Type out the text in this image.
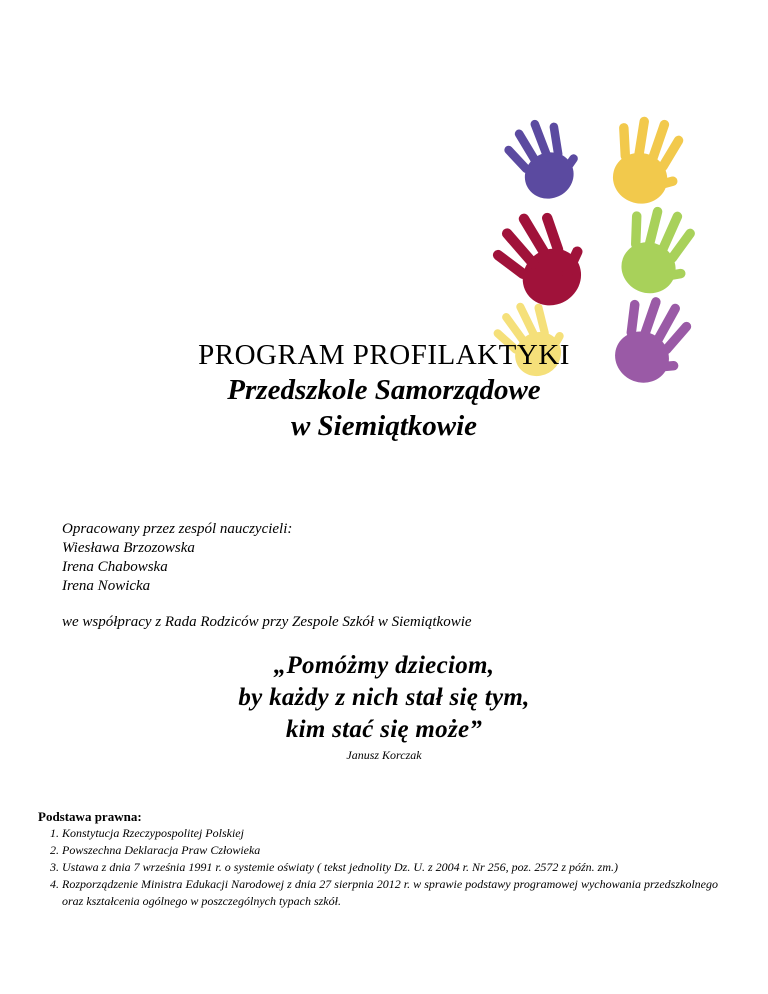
PROGRAM PROFILAKTYKI
Przedszkole Samorządowe
w Siemiątkowie
Opracowany przez zespól nauczycieli:
Wiesława Brzozowska
Irena Chabowska
Irena Nowicka
we współpracy z Rada Rodziców przy Zespole Szkół w Siemiątkowie
„Pomóżmy dzieciom,
by każdy z nich stał się tym,
kim stać się może”
Janusz Korczak
Podstawa prawna:
1. Konstytucja Rzeczypospolitej Polskiej
2. Powszechna Deklaracja Praw Człowieka
3. Ustawa z dnia 7 września 1991 r. o systemie oświaty ( tekst jednolity Dz. U. z 2004 r. Nr 256, poz. 2572 z późn. zm.)
4. Rozporządzenie Ministra Edukacji Narodowej z dnia 27 sierpnia 2012 r. w sprawie podstawy programowej wychowania przedszkolnego oraz kształcenia ogólnego w poszczególnych typach szkół.
